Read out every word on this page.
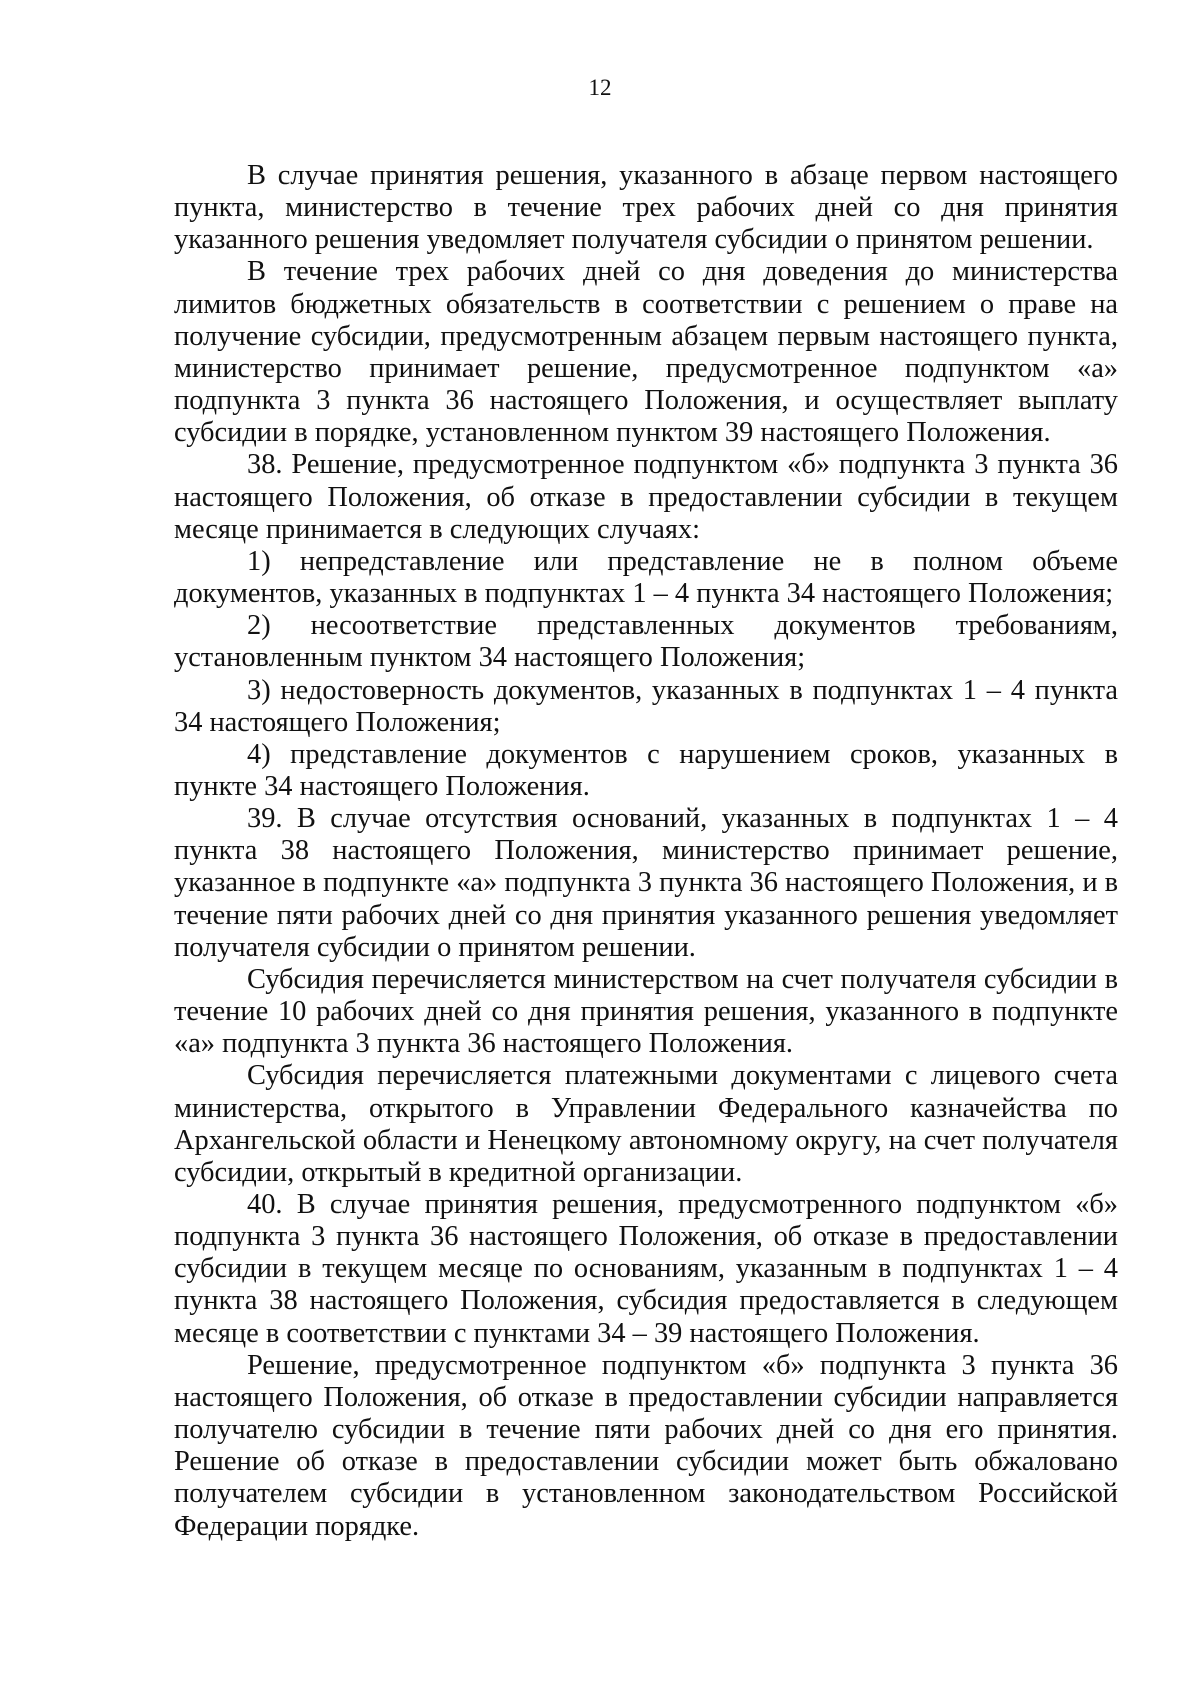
12

В случае принятия решения, указанного в абзаце первом настоящего пункта, министерство в течение трех рабочих дней со дня принятия указанного решения уведомляет получателя субсидии о принятом решении.

В течение трех рабочих дней со дня доведения до министерства лимитов бюджетных обязательств в соответствии с решением о праве на получение субсидии, предусмотренным абзацем первым настоящего пункта, министерство принимает решение, предусмотренное подпунктом «а» подпункта 3 пункта 36 настоящего Положения, и осуществляет выплату субсидии в порядке, установленном пунктом 39 настоящего Положения.

38. Решение, предусмотренное подпунктом «б» подпункта 3 пункта 36 настоящего Положения, об отказе в предоставлении субсидии в текущем месяце принимается в следующих случаях:

1) непредставление или представление не в полном объеме документов, указанных в подпунктах 1 – 4 пункта 34 настоящего Положения;

2) несоответствие представленных документов требованиям, установленным пунктом 34 настоящего Положения;

3) недостоверность документов, указанных в подпунктах 1 – 4 пункта 34 настоящего Положения;

4) представление документов с нарушением сроков, указанных в пункте 34 настоящего Положения.

39. В случае отсутствия оснований, указанных в подпунктах 1 – 4 пункта 38 настоящего Положения, министерство принимает решение, указанное в подпункте «а» подпункта 3 пункта 36 настоящего Положения, и в течение пяти рабочих дней со дня принятия указанного решения уведомляет получателя субсидии о принятом решении.

Субсидия перечисляется министерством на счет получателя субсидии в течение 10 рабочих дней со дня принятия решения, указанного в подпункте «а» подпункта 3 пункта 36 настоящего Положения.

Субсидия перечисляется платежными документами с лицевого счета министерства, открытого в Управлении Федерального казначейства по Архангельской области и Ненецкому автономному округу, на счет получателя субсидии, открытый в кредитной организации.

40. В случае принятия решения, предусмотренного подпунктом «б» подпункта 3 пункта 36 настоящего Положения, об отказе в предоставлении субсидии в текущем месяце по основаниям, указанным в подпунктах 1 – 4 пункта 38 настоящего Положения, субсидия предоставляется в следующем месяце в соответствии с пунктами 34 – 39 настоящего Положения.

Решение, предусмотренное подпунктом «б» подпункта 3 пункта 36 настоящего Положения, об отказе в предоставлении субсидии направляется получателю субсидии в течение пяти рабочих дней со дня его принятия. Решение об отказе в предоставлении субсидии может быть обжаловано получателем субсидии в установленном законодательством Российской Федерации порядке.
